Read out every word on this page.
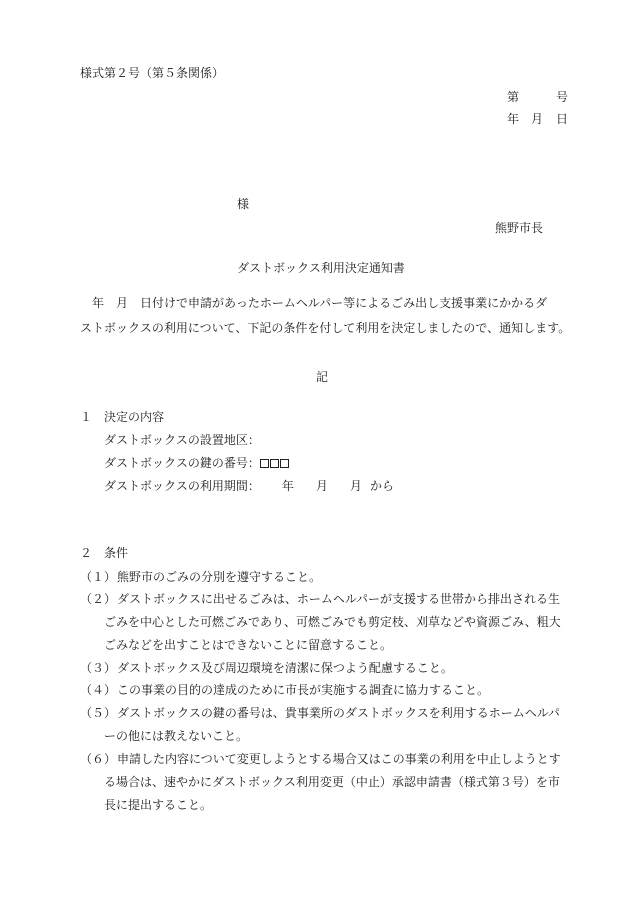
様式第２号（第５条関係）
第	号
年 月 日
様
熊野市長
ダストボックス利用決定通知書
年 月 日付けで申請があったホームヘルパー等によるごみ出し支援事業にかかるダ
ストボックスの利用について、下記の条件を付して利用を決定しましたので、通知します。
記
１ 決定の内容
ダストボックスの設置地区：
ダストボックスの鍵の番号：
ダストボックスの利用期間： 年 月 月 から
２ 条件
（１） 熊野市のごみの分別を遵守すること。
（２） ダストボックスに出せるごみは、ホームヘルパーが支援する世帯から排出される生
ごみを中心とした可燃ごみであり、可燃ごみでも剪定枝、刈草などや資源ごみ、粗大
ごみなどを出すことはできないことに留意すること。
（３） ダストボックス及び周辺環境を清潔に保つよう配慮すること。
（４） この事業の目的の達成のために市長が実施する調査に協力すること。
（５） ダストボックスの鍵の番号は、貴事業所のダストボックスを利用するホームヘルパ
ーの他には教えないこと。
（６） 申請した内容について変更しようとする場合又はこの事業の利用を中止しようとす
る場合は、速やかにダストボックス利用変更（中止）承認申請書（様式第３号）を市
長に提出すること。
